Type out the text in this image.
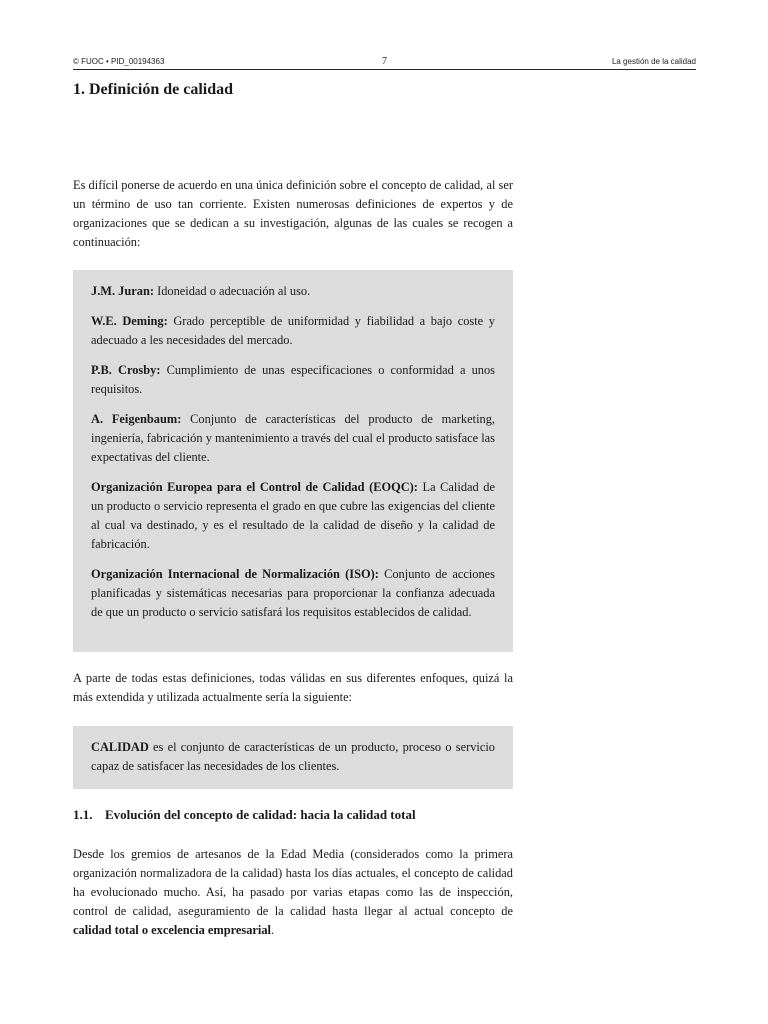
© FUOC • PID_00194363	7	La gestión de la calidad
1. Definición de calidad

Es difícil ponerse de acuerdo en una única definición sobre el concepto de calidad, al ser un término de uso tan corriente. Existen numerosas definiciones de expertos y de organizaciones que se dedican a su investigación, algunas de las cuales se recogen a continuación:

J.M. Juran: Idoneidad o adecuación al uso.

W.E. Deming: Grado perceptible de uniformidad y fiabilidad a bajo coste y adecuado a les necesidades del mercado.

P.B. Crosby: Cumplimiento de unas especificaciones o conformidad a unos requisitos.

A. Feigenbaum: Conjunto de características del producto de marketing, ingeniería, fabricación y mantenimiento a través del cual el producto satisface las expectativas del cliente.

Organización Europea para el Control de Calidad (EOQC): La Calidad de un producto o servicio representa el grado en que cubre las exigencias del cliente al cual va destinado, y es el resultado de la calidad de diseño y la calidad de fabricación.

Organización Internacional de Normalización (ISO): Conjunto de acciones planificadas y sistemáticas necesarias para proporcionar la confianza adecuada de que un producto o servicio satisfará los requisitos establecidos de calidad.

A parte de todas estas definiciones, todas válidas en sus diferentes enfoques, quizá la más extendida y utilizada actualmente sería la siguiente:

CALIDAD es el conjunto de características de un producto, proceso o servicio capaz de satisfacer las necesidades de los clientes.

1.1. Evolución del concepto de calidad: hacia la calidad total

Desde los gremios de artesanos de la Edad Media (considerados como la primera organización normalizadora de la calidad) hasta los días actuales, el concepto de calidad ha evolucionado mucho. Así, ha pasado por varias etapas como las de inspección, control de calidad, aseguramiento de la calidad hasta llegar al actual concepto de calidad total o excelencia empresarial.
